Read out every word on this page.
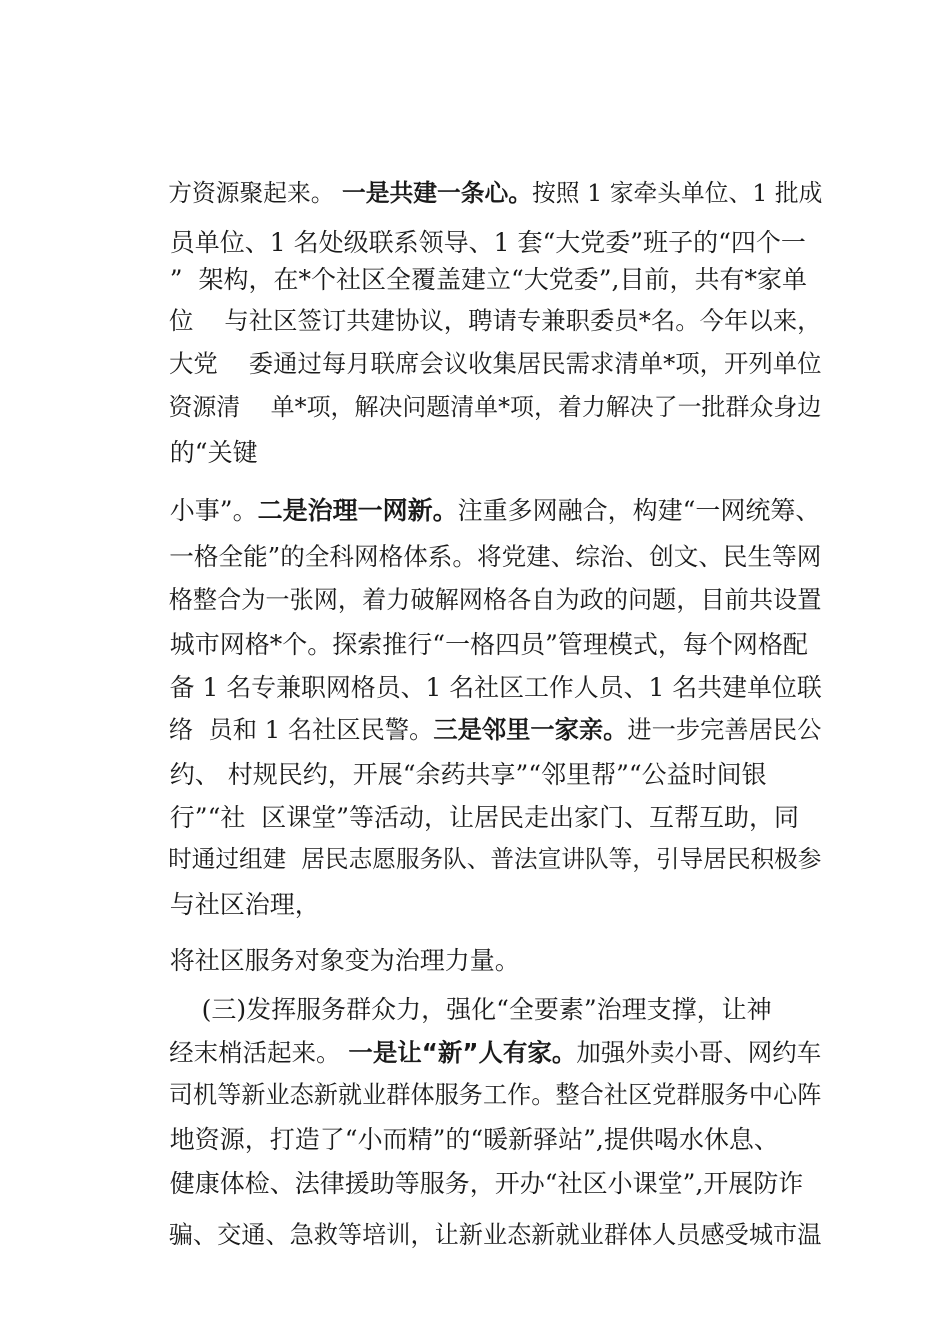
方资源聚起来。 一是共建一条心。按照 1 家牵头单位、1 批成

员单位、1 名处级联系领导、1 套“大党委”班子的“四个一

”  架构，在*个社区全覆盖建立“大党委”,目前，共有*家单

位    与社区签订共建协议，聘请专兼职委员*名。今年以来，

大党    委通过每月联席会议收集居民需求清单*项，开列单位

资源清    单*项，解决问题清单*项，着力解决了一批群众身边

的“关键

小事”。二是治理一网新。注重多网融合，构建“一网统筹、

一格全能”的全科网格体系。将党建、综治、创文、民生等网

格整合为一张网，着力破解网格各自为政的问题，目前共设置

城市网格*个。探索推行“一格四员”管理模式，每个网格配

备 1 名专兼职网格员、1 名社区工作人员、1 名共建单位联

络  员和 1 名社区民警。三是邻里一家亲。进一步完善居民公

约、 村规民约，开展“余药共享”“邻里帮”“公益时间银

行”“社  区课堂”等活动，让居民走出家门、互帮互助，同

时通过组建  居民志愿服务队、普法宣讲队等，引导居民积极参

与社区治理，

将社区服务对象变为治理力量。

(三)发挥服务群众力，强化“全要素”治理支撑，让神

经末梢活起来。 一是让“新”人有家。加强外卖小哥、网约车

司机等新业态新就业群体服务工作。整合社区党群服务中心阵

地资源，打造了“小而精”的“暖新驿站”,提供喝水休息、

健康体检、法律援助等服务，开办“社区小课堂”,开展防诈

骗、交通、急救等培训，让新业态新就业群体人员感受城市温
